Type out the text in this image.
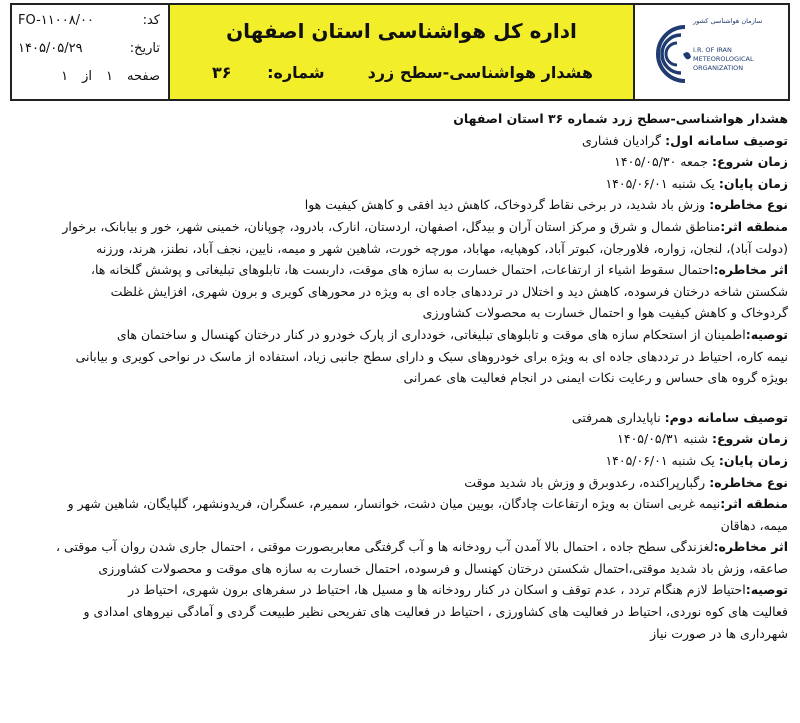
کد:
FO-۱۱۰۰۸/۰۰
تاریخ:
۱۴۰۵/۰۵/۲۹
صفحه
۱
از
۱
اداره کل هواشناسی استان اصفهان
هشدار هواشناسی-سطح زرد
شماره: ۳۶
سازمان هواشناسی کشور
I.R. OF IRAN
METEOROLOGICAL
ORGANIZATION
هشدار هواشناسی-سطح زرد شماره ۳۶ استان اصفهان
توصیف سامانه اول: گرادیان فشاری
زمان شروع: جمعه ۱۴۰۵/۰۵/۳۰
زمان پایان: یک شنبه ۱۴۰۵/۰۶/۰۱
نوع مخاطره: وزش باد شدید، در برخی نقاط گردوخاک، کاهش دید افقی و کاهش کیفیت هوا
منطقه اثر:مناطق شمال و شرق و مرکز استان آران و بیدگل، اصفهان، اردستان، انارک، بادرود، چوپانان، خمینی شهر، خور و بیابانک، برخوار
(دولت آباد)، لنجان، زواره، فلاورجان، کبوتر آباد، کوهپایه، مهاباد، مورچه خورت، شاهین شهر و میمه، نایین، نجف آباد، نطنز، هرند، ورزنه
اثر مخاطره:احتمال سقوط اشیاء از ارتفاعات، احتمال خسارت به سازه های موقت، داربست ها، تابلوهای تبلیغاتی و پوشش گلخانه ها،
شکستن شاخه درختان فرسوده، کاهش دید و اختلال در ترددهای جاده ای به ویژه در محورهای کویری و برون شهری، افزایش غلظت
گردوخاک و کاهش کیفیت هوا و احتمال خسارت به محصولات کشاورزی
توصیه:اطمینان از استحکام سازه های موقت و تابلوهای تبلیغاتی، خودداری از پارک خودرو در کنار درختان کهنسال و ساختمان های
نیمه کاره، احتیاط در ترددهای جاده ای به ویژه برای خودروهای سبک و دارای سطح جانبی زیاد، استفاده از ماسک در نواحی کویری و بیابانی
بویژه گروه های حساس و رعایت نکات ایمنی در انجام فعالیت های عمرانی
توصیف سامانه دوم: ناپایداری همرفتی
زمان شروع: شنبه ۱۴۰۵/۰۵/۳۱
زمان پایان: یک شنبه ۱۴۰۵/۰۶/۰۱
نوع مخاطره: رگبارپراکنده، رعدوبرق و وزش باد شدید موقت
منطقه اثر:نیمه غربی استان به ویژه ارتفاعات چادگان، بویین میان دشت، خوانسار، سمیرم، عسگران، فریدونشهر، گلپایگان، شاهین شهر و
میمه، دهاقان
اثر مخاطره:لغزندگی سطح جاده ، احتمال بالا آمدن آب رودخانه ها و آب گرفتگی معابربصورت موقتی ، احتمال جاری شدن روان آب موقتی ،
صاعقه، وزش باد شدید موقتی،احتمال شکستن درختان کهنسال و فرسوده، احتمال خسارت به سازه های موقت و محصولات کشاورزی
توصیه:احتیاط لازم هنگام تردد ، عدم توقف و اسکان در کنار رودخانه ها و مسیل ها، احتیاط در سفرهای برون شهری، احتیاط در
فعالیت های کوه نوردی، احتیاط در فعالیت های کشاورزی ، احتیاط در فعالیت های تفریحی نظیر طبیعت گردی و آمادگی نیروهای امدادی و
شهرداری ها در صورت نیاز
